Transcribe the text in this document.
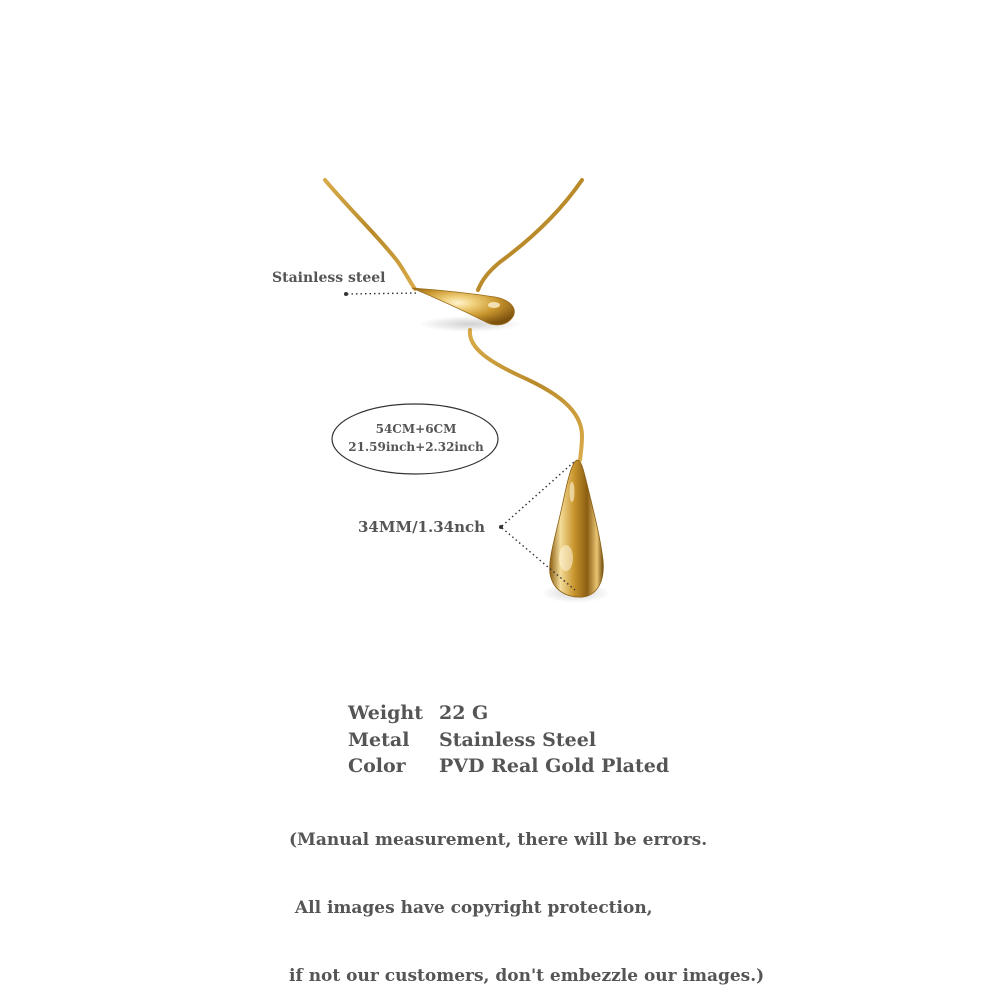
Stainless steel
54CM+6CM
21.59inch+2.32inch
34MM/1.34nch
Weight 22 G
Metal Stainless Steel
Color PVD Real Gold Plated

(Manual measurement, there will be errors.

All images have copyright protection,

if not our customers, don't embezzle our images.)
